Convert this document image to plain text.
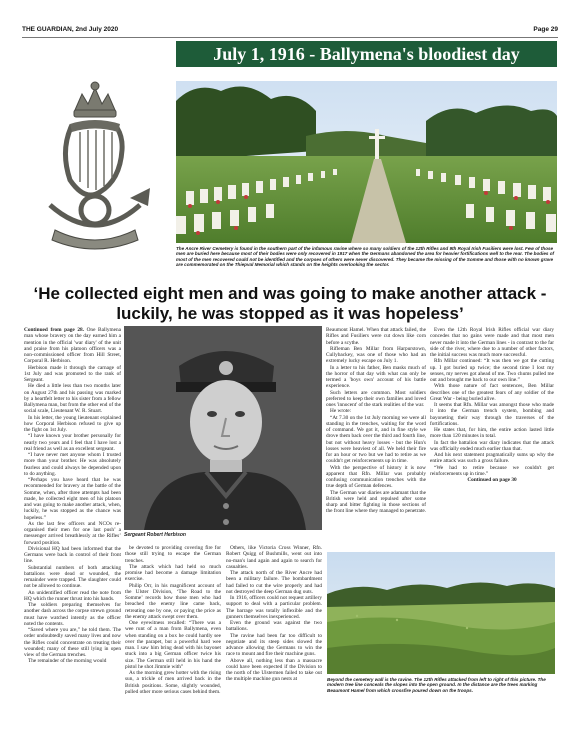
THE GUARDIAN, 2nd July 2020	Page 29
July 1, 1916 - Ballymena's bloodiest day
The Ancre River Cemetery is found in the southern part of the infamous ravine where so many soldiers of the 12th Rifles and 9th Royal Irish Fusiliers were lost. Few of those men are buried here because most of their bodies were only recovered in 1917 when the Germans abandoned the area for heavier fortifications well to the rear. The bodies of most of the men recovered could not be identified and the corpses of others were never discovered. They became the missing of the Somme and those with no known grave are commemorated on the Thiepval Memorial which stands on the heights overlooking the sector.
‘He collected eight men and was going to make another attack - luckily, he was stopped as it was hopeless’

Continued from page 28. One Ballymena man whose bravery on the day earned him a mention in the official 'war diary' of the unit and praise from his platoon officers was a non-commissioned officer from Hill Street, Corporal R. Herbison.

Herbison made it through the carnage of 1st July and was promoted to the rank of Sergeant.

He died a little less than two months later on August 27th and his passing was marked by a heartfelt letter to his sister from a fellow Ballymena man, but from the other end of the social scale, Lieutenant W. R. Stuart.

In his letter, the young lieutenant explained how Corporal Herbison refused to give up the fight on 1st July.

“I have known your brother personally for nearly two years and I feel that I have lost a real friend as well as an excellent sergeant.

“I have never met anyone whom I trusted more than your brother. He was absolutely fearless and could always be depended upon to do anything.

“Perhaps you have heard that he was recommended for bravery at the battle of the Somme, when, after three attempts had been made, he collected eight men of his platoon and was going to make another attack, when, luckily, he was stopped as the chance was hopeless.”

As the last few officers and NCOs re-organised their men for one last push’ a messenger arrived breathlessly at the Rifles’ forward position.

Divisional HQ had been informed that the Germans were back in control of their front line.

Substantial numbers of both attacking battalions were dead or wounded, the remainder were trapped. The slaughter could not be allowed to continue.

An unidentified officer read the note from HQ which the runner thrust into his hands.

The soldiers preparing themselves for another dash across the corpse strewn ground must have watched intently as the officer noted the contents.

“Saved where you are,” he told them. The order undoubtedly saved many lives and now the Rifles could concentrate on treating their wounded; many of these still lying in open view of the German trenches.

The remainder of the morning would

Sergeant Robert Herbison

be devoted to providing covering fire for those still trying to escape the German trenches.

The attack which had held so much promise had become a damage limitation exercise.

Philip Orr, in his magnificent account of the Ulster Division, ‘The Road to the Somme’ records how those men who had breached the enemy line came back, retreating one by one, or paying the price as the enemy attack swept over them.

One eyewitness recalled: “There was a wee runt of a man from Ballymena, even when standing on a box he could hardly see over the parapet, but a powerful hard wee man. I saw him bring dead with his bayonet stuck into a big German officer twice his size. The German still held in his hand the pistol he shot Jimmie with”

As the morning grew hotter with the rising sun, a trickle of men arrived back in the British positions. Some, slightly wounded, pulled other more serious cases behind them.

Others, like Victoria Cross Winner, Rfn. Robert Quigg of Bushmills, went out into no-man's land again and again to search for casualties.

The attack north of the River Ancre had been a military failure. The bombardment had failed to cut the wire properly and had not destroyed the deep German dug outs.

In 1916, officers could not request artillery support to deal with a particular problem. The barrage was totally inflexible and the gunners themselves inexperienced.

Even the ground was against the two battalions.

The ravine had been far too difficult to negotiate and its steep sides slowed the advance allowing the Germans to win the race to mount and fire their machine guns.

Above all, nothing less than a massacre could have been expected if the Division to the north of the Ulstermen failed to take out the multiple machine gun nests at

Beaumont Hamel. When that attack failed, the Rifles and Fusiliers were cut down like corn before a scythe.

Rifleman Ben Millar from Harpurstown, Cullybackey, was one of those who had an extremely lucky escape on July 1.

In a letter to his father, Ben masks much of the horror of that day with what can only be termed a 'boys own' account of his battle experience.

Such letters are common. Most soldiers preferred to keep their own families and loved ones 'innocent' of the stark realities of the war.

He wrote:

“At 7.30 on the 1st July morning we were all standing in the trenches, waiting for the word of command. We got it, and in fine style we drove them back over the third and fourth line, but not without heavy losses - but the Hun's losses were heaviest of all. We held their fire for an hour or two but we had to retire as we couldn't get reinforcements up in time.

With the perspective of history it is now apparent that Rfn. Millar was probably confusing communication trenches with the true depth of German defences.

The German war diaries are adamant that the British were held and repulsed after some sharp and bitter fighting in those sections of the front line where they managed to penetrate.

Even the 12th Royal Irish Rifles official war diary concedes that no gains were made and that most men never made it into the German lines - in contrast to the far side of the river, where due to a number of other factors, the initial success was much more successful.

Rfn Millar continued: “It was then we got the cutting up. I got buried up twice; the second time I lost my senses, my nerves got ahead of me. Two chums pulled me out and brought me back to our own line.”

With those nature of fact sentences, Ben Millar describes one of the greatest fears of any soldier of the Great War - being buried alive.

It seems that Rfn. Millar was amongst those who made it into the German trench system, bombing and bayoneting their way through the traverses of the fortifications.

He states that, for him, the entire action lasted little more than 120 minutes in total.

In fact the battalion war diary indicates that the attack was officially ended much earlier than that.

And his next statement pragmatically sums up why the entire attack was such a gross failure.

“We had to retire because we couldn't get reinforcements up in time.”

Continued on page 30

Beyond the cemetery wall is the ravine. The 12th Rifles attacked from left to right of this picture. The modern tree line conceals the slopes into the open ground. In the distance are the trees marking Beaumont Hamel from which crossfire poured down on the troops.
